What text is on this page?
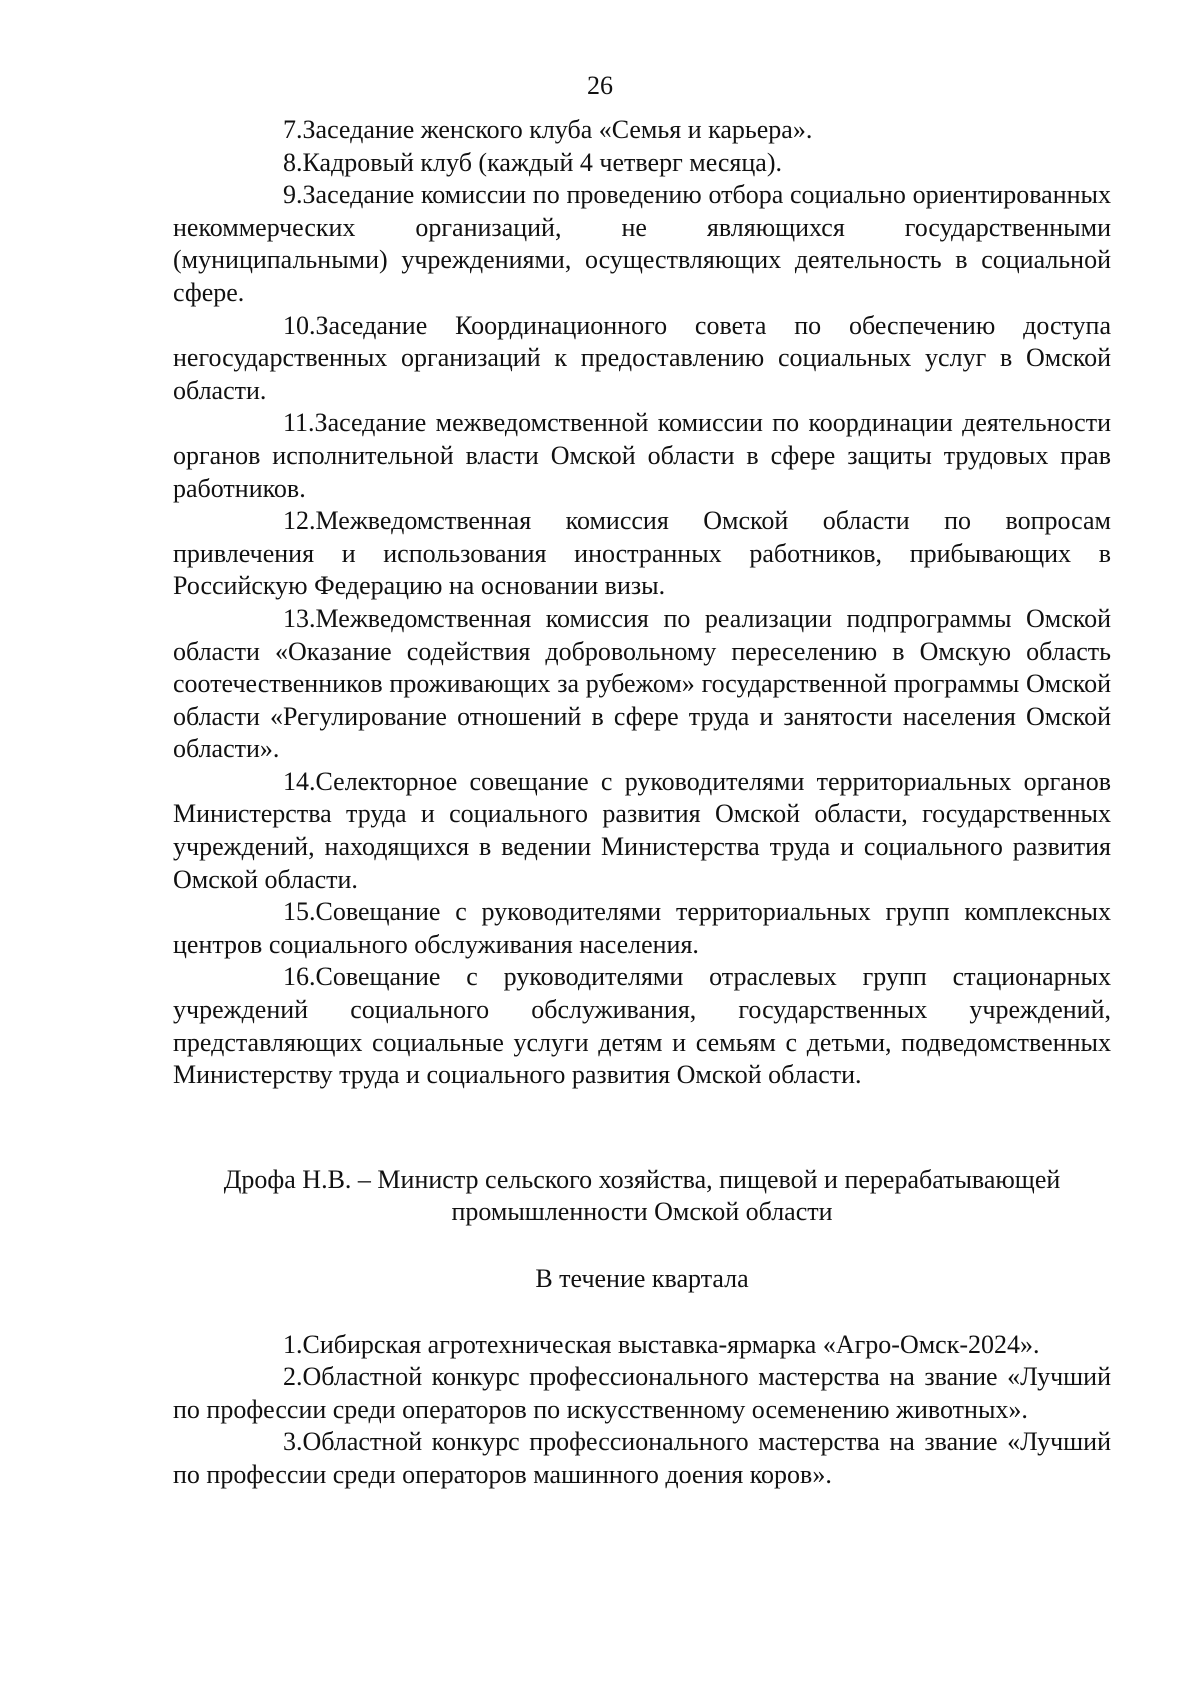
26

7.Заседание женского клуба «Семья и карьера».

8.Кадровый клуб (каждый 4 четверг месяца).

9.Заседание комиссии по проведению отбора социально ориентированных некоммерческих организаций, не являющихся государственными (муниципальными) учреждениями, осуществляющих деятельность в социальной сфере.

10.Заседание Координационного совета по обеспечению доступа негосударственных организаций к предоставлению социальных услуг в Омской области.

11.Заседание межведомственной комиссии по координации деятельности органов исполнительной власти Омской области в сфере защиты трудовых прав работников.

12.Межведомственная комиссия Омской области по вопросам привлечения и использования иностранных работников, прибывающих в Российскую Федерацию на основании визы.

13.Межведомственная комиссия по реализации подпрограммы Омской области «Оказание содействия добровольному переселению в Омскую область соотечественников проживающих за рубежом» государственной программы Омской области «Регулирование отношений в сфере труда и занятости населения Омской области».

14.Селекторное совещание с руководителями территориальных органов Министерства труда и социального развития Омской области, государственных учреждений, находящихся в ведении Министерства труда и социального развития Омской области.

15.Совещание с руководителями территориальных групп комплексных центров социального обслуживания населения.

16.Совещание с руководителями отраслевых групп стационарных учреждений социального обслуживания, государственных учреждений, представляющих социальные услуги детям и семьям с детьми, подведомственных Министерству труда и социального развития Омской области.

Дрофа Н.В. – Министр сельского хозяйства, пищевой и перерабатывающей
промышленности Омской области

В течение квартала

1.Сибирская агротехническая выставка-ярмарка «Агро-Омск-2024».

2.Областной конкурс профессионального мастерства на звание «Лучший по профессии среди операторов по искусственному осеменению животных».

3.Областной конкурс профессионального мастерства на звание «Лучший по профессии среди операторов машинного доения коров».
